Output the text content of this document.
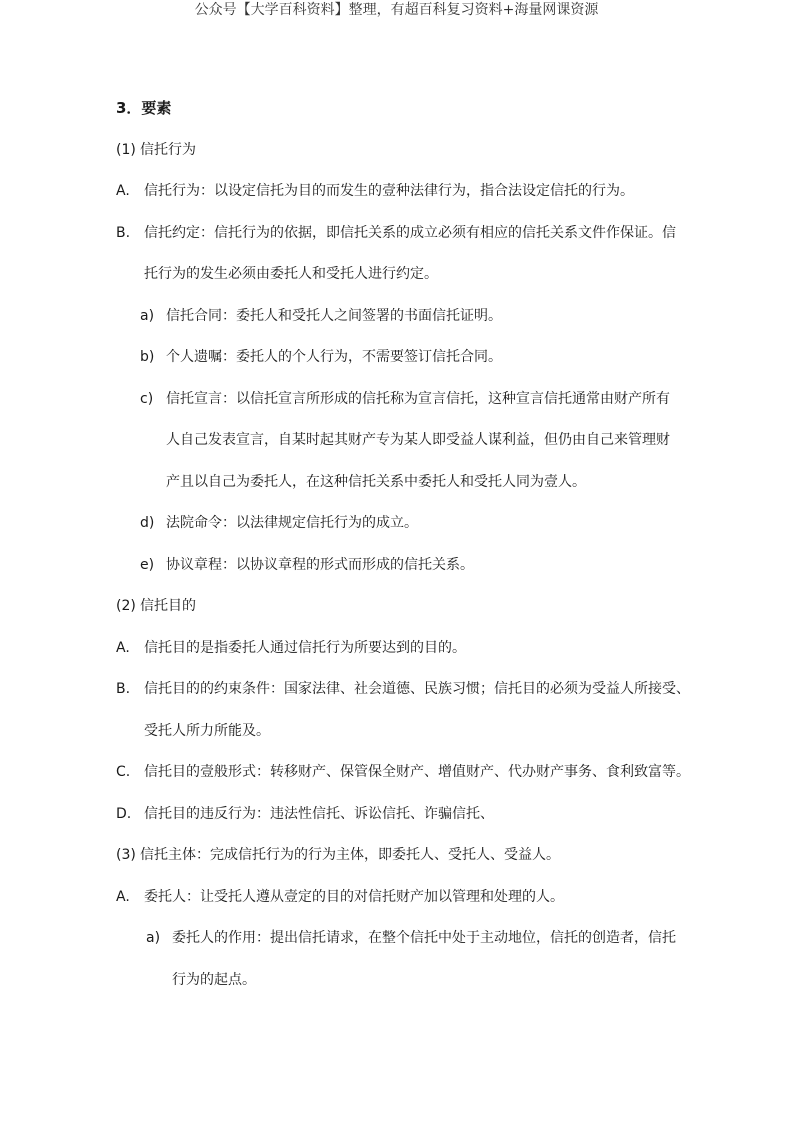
公众号【大学百科资料】整理，有超百科复习资料+海量网课资源
3．要素
(1) 信托行为
A. 信托行为：以设定信托为目的而发生的壹种法律行为，指合法设定信托的行为。
B. 信托约定：信托行为的依据，即信托关系的成立必须有相应的信托关系文件作保证。信
托行为的发生必须由委托人和受托人进行约定。
a) 信托合同：委托人和受托人之间签署的书面信托证明。
b) 个人遗嘱：委托人的个人行为，不需要签订信托合同。
c) 信托宣言：以信托宣言所形成的信托称为宣言信托，这种宣言信托通常由财产所有
人自己发表宣言，自某时起其财产专为某人即受益人谋利益，但仍由自己来管理财
产且以自己为委托人，在这种信托关系中委托人和受托人同为壹人。
d) 法院命令：以法律规定信托行为的成立。
e) 协议章程：以协议章程的形式而形成的信托关系。
(2) 信托目的
A. 信托目的是指委托人通过信托行为所要达到的目的。
B. 信托目的的约束条件：国家法律、社会道德、民族习惯；信托目的必须为受益人所接受、
受托人所力所能及。
C. 信托目的壹般形式：转移财产、保管保全财产、增值财产、代办财产事务、食利致富等。
D. 信托目的违反行为：违法性信托、诉讼信托、诈骗信托、
(3) 信托主体：完成信托行为的行为主体，即委托人、受托人、受益人。
A. 委托人：让受托人遵从壹定的目的对信托财产加以管理和处理的人。
a) 委托人的作用：提出信托请求，在整个信托中处于主动地位，信托的创造者，信托
行为的起点。
